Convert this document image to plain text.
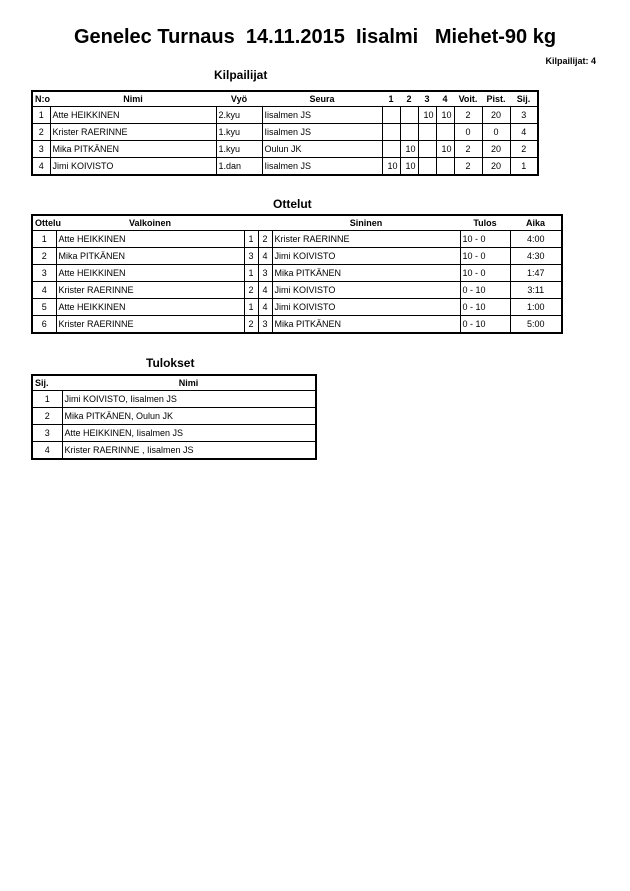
Genelec Turnaus  14.11.2015  Iisalmi   Miehet-90 kg
Kilpailijat: 4
Kilpailijat
N:o	Nimi	Vyö	Seura	1	2	3	4	Voit.	Pist.	Sij.
1	Atte HEIKKINEN	2.kyu	Iisalmen JS			10	10	2	20	3
2	Krister RAERINNE	1.kyu	Iisalmen JS					0	0	4
3	Mika PITKÄNEN	1.kyu	Oulun JK		10		10	2	20	2
4	Jimi KOIVISTO	1.dan	Iisalmen JS	10	10			2	20	1
Ottelut
Ottelu	Valkoinen			Sininen	Tulos	Aika
1	Atte HEIKKINEN	1	2	Krister RAERINNE	10 - 0	4:00
2	Mika PITKÄNEN	3	4	Jimi KOIVISTO	10 - 0	4:30
3	Atte HEIKKINEN	1	3	Mika PITKÄNEN	10 - 0	1:47
4	Krister RAERINNE	2	4	Jimi KOIVISTO	0 - 10	3:11
5	Atte HEIKKINEN	1	4	Jimi KOIVISTO	0 - 10	1:00
6	Krister RAERINNE	2	3	Mika PITKÄNEN	0 - 10	5:00
Tulokset
Sij.	Nimi
1	Jimi KOIVISTO, Iisalmen JS
2	Mika PITKÄNEN, Oulun JK
3	Atte HEIKKINEN, Iisalmen JS
4	Krister RAERINNE , Iisalmen JS
